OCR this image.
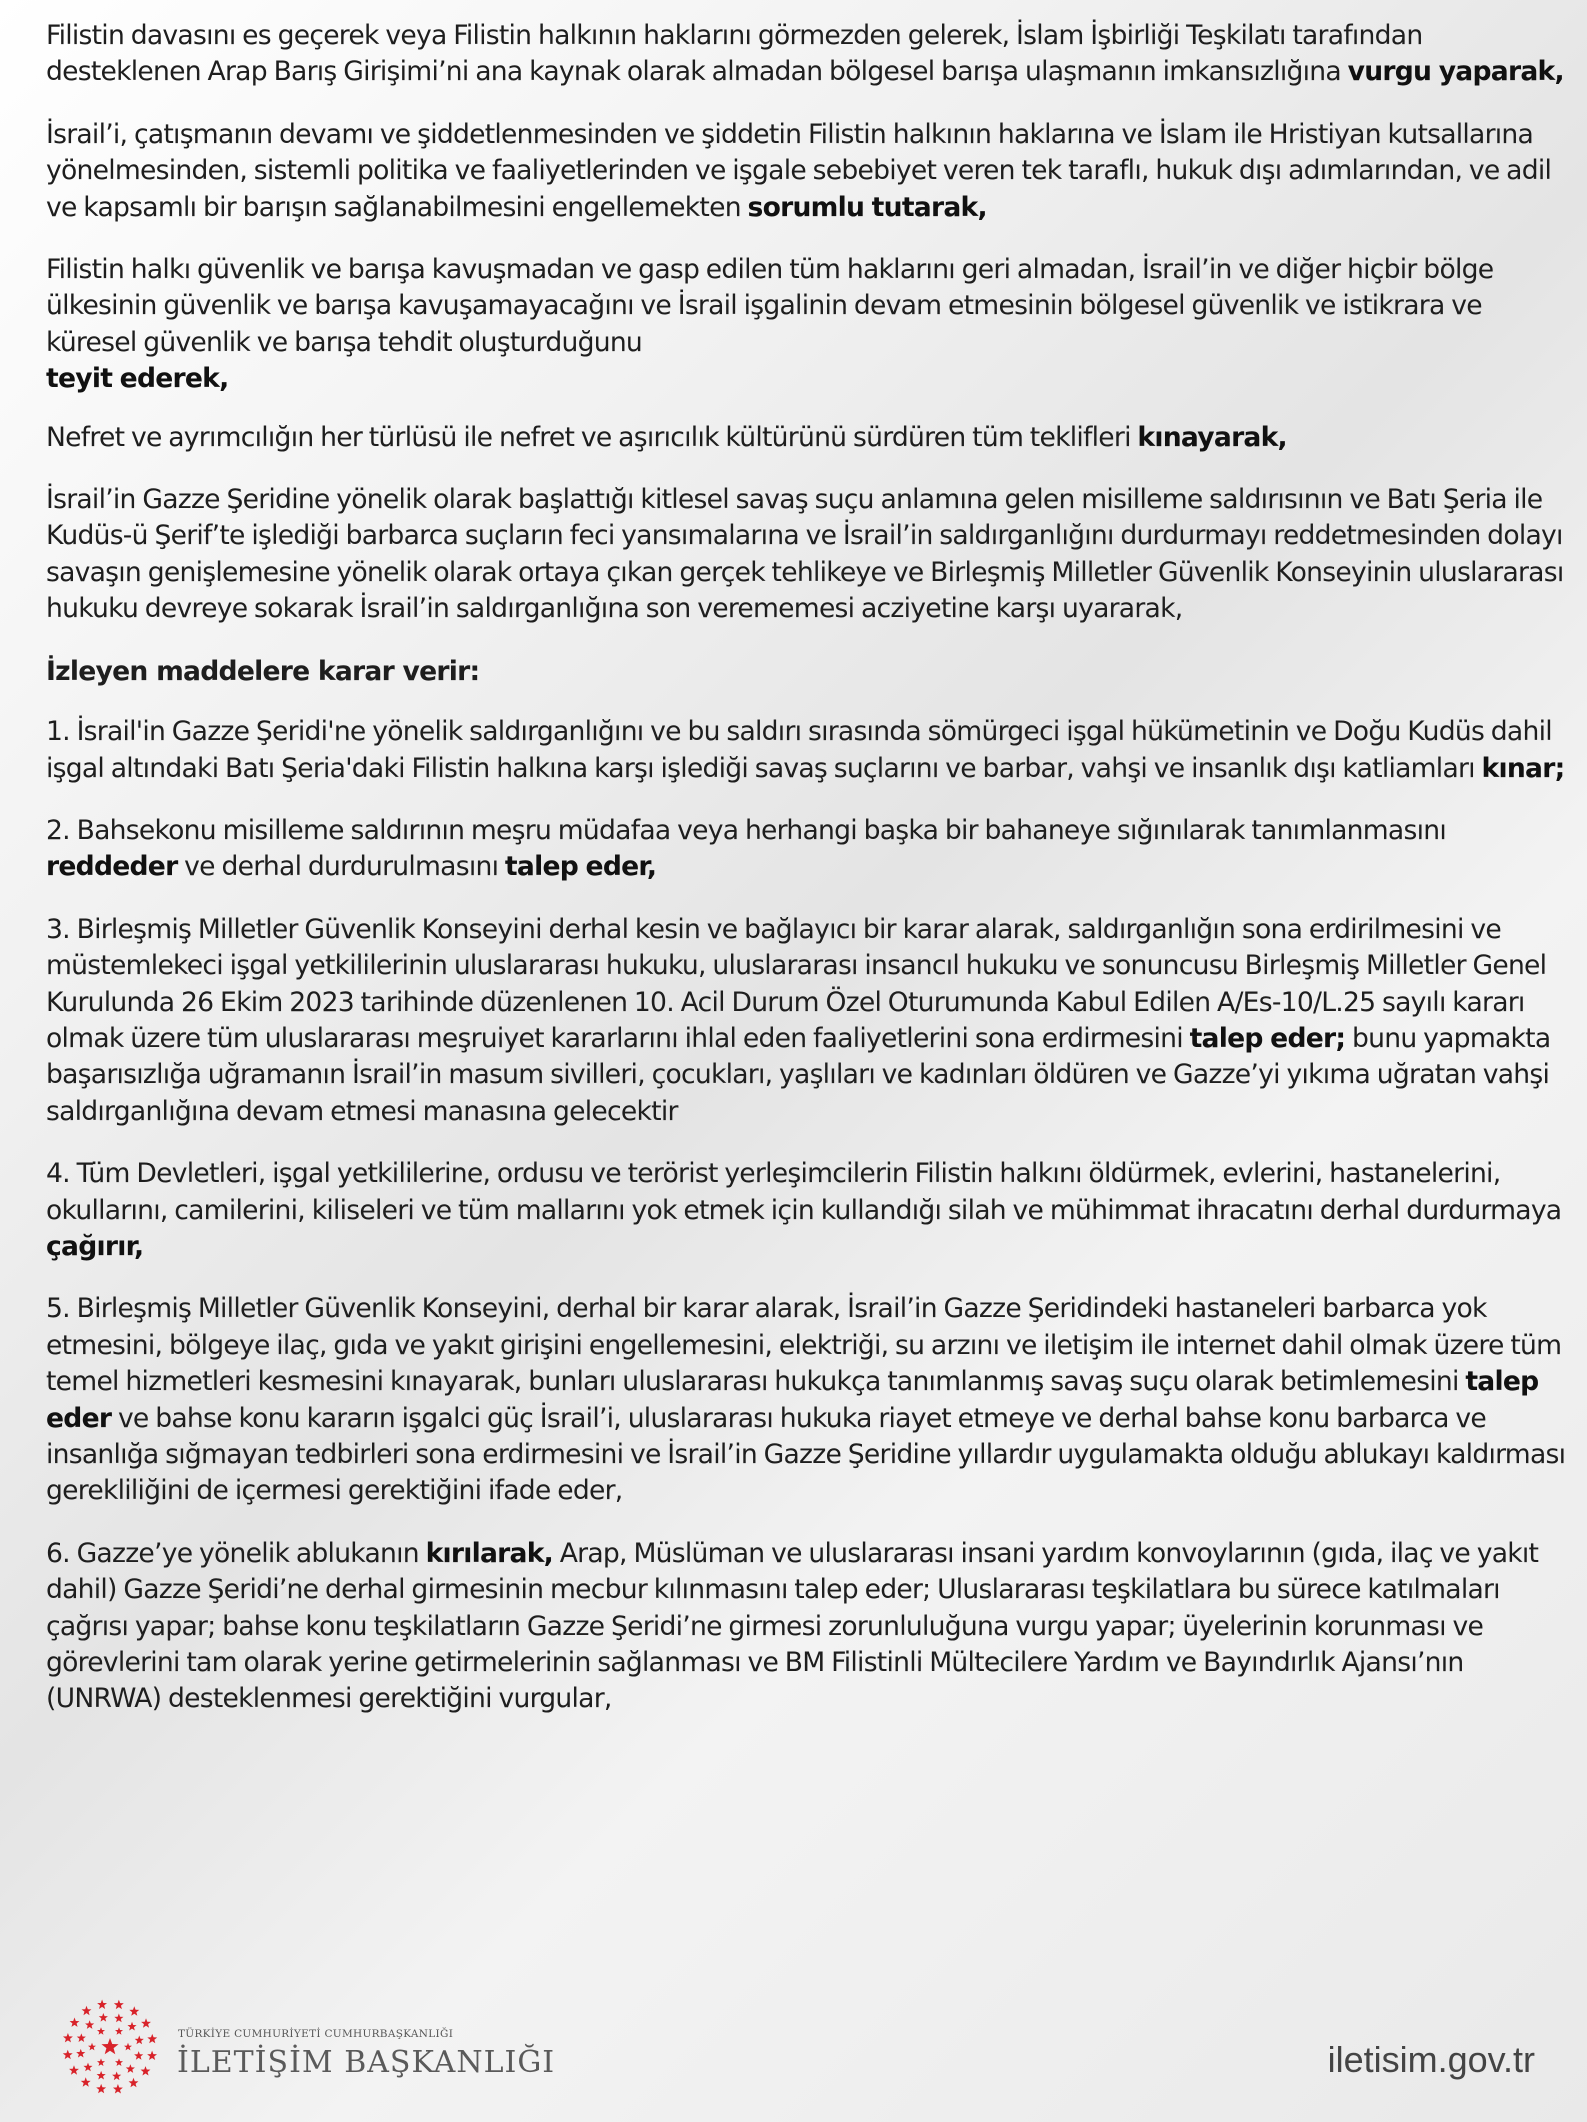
Filistin davasını es geçerek veya Filistin halkının haklarını görmezden gelerek, İslam İşbirliği Teşkilatı tarafından desteklenen Arap Barış Girişimi’ni ana kaynak olarak almadan bölgesel barışa ulaşmanın imkansızlığına vurgu yaparak,

İsrail’i, çatışmanın devamı ve şiddetlenmesinden ve şiddetin Filistin halkının haklarına ve İslam ile Hristiyan kutsallarına yönelmesinden, sistemli politika ve faaliyetlerinden ve işgale sebebiyet veren tek taraflı, hukuk dışı adımlarından, ve adil ve kapsamlı bir barışın sağlanabilmesini engellemekten sorumlu tutarak,

Filistin halkı güvenlik ve barışa kavuşmadan ve gasp edilen tüm haklarını geri almadan, İsrail’in ve diğer hiçbir bölge ülkesinin güvenlik ve barışa kavuşamayacağını ve İsrail işgalinin devam etmesinin bölgesel güvenlik ve istikrara ve küresel güvenlik ve barışa tehdit oluşturduğunu
teyit ederek,

Nefret ve ayrımcılığın her türlüsü ile nefret ve aşırıcılık kültürünü sürdüren tüm teklifleri kınayarak,

İsrail’in Gazze Şeridine yönelik olarak başlattığı kitlesel savaş suçu anlamına gelen misilleme saldırısının ve Batı Şeria ile Kudüs-ü Şerif’te işlediği barbarca suçların feci yansımalarına ve İsrail’in saldırganlığını durdurmayı reddetmesinden dolayı savaşın genişlemesine yönelik olarak ortaya çıkan gerçek tehlikeye ve Birleşmiş Milletler Güvenlik Konseyinin uluslararası hukuku devreye sokarak İsrail’in saldırganlığına son verememesi acziyetine karşı uyararak,

İzleyen maddelere karar verir:

1. İsrail'in Gazze Şeridi'ne yönelik saldırganlığını ve bu saldırı sırasında sömürgeci işgal hükümetinin ve Doğu Kudüs dahil işgal altındaki Batı Şeria'daki Filistin halkına karşı işlediği savaş suçlarını ve barbar, vahşi ve insanlık dışı katliamları kınar;

2. Bahsekonu misilleme saldırının meşru müdafaa veya herhangi başka bir bahaneye sığınılarak tanımlanmasını reddeder ve derhal durdurulmasını talep eder,

3. Birleşmiş Milletler Güvenlik Konseyini derhal kesin ve bağlayıcı bir karar alarak, saldırganlığın sona erdirilmesini ve müstemlekeci işgal yetkililerinin uluslararası hukuku, uluslararası insancıl hukuku ve sonuncusu Birleşmiş Milletler Genel Kurulunda 26 Ekim 2023 tarihinde düzenlenen 10. Acil Durum Özel Oturumunda Kabul Edilen A/Es-10/L.25 sayılı kararı olmak üzere tüm uluslararası meşruiyet kararlarını ihlal eden faaliyetlerini sona erdirmesini talep eder; bunu yapmakta başarısızlığa uğramanın İsrail’in masum sivilleri, çocukları, yaşlıları ve kadınları öldüren ve Gazze’yi yıkıma uğratan vahşi saldırganlığına devam etmesi manasına gelecektir

4. Tüm Devletleri, işgal yetkililerine, ordusu ve terörist yerleşimcilerin Filistin halkını öldürmek, evlerini, hastanelerini, okullarını, camilerini, kiliseleri ve tüm mallarını yok etmek için kullandığı silah ve mühimmat ihracatını derhal durdurmaya çağırır,

5. Birleşmiş Milletler Güvenlik Konseyini, derhal bir karar alarak, İsrail’in Gazze Şeridindeki hastaneleri barbarca yok etmesini, bölgeye ilaç, gıda ve yakıt girişini engellemesini, elektriği, su arzını ve iletişim ile internet dahil olmak üzere tüm temel hizmetleri kesmesini kınayarak, bunları uluslararası hukukça tanımlanmış savaş suçu olarak betimlemesini talep eder ve bahse konu kararın işgalci güç İsrail’i, uluslararası hukuka riayet etmeye ve derhal bahse konu barbarca ve insanlığa sığmayan tedbirleri sona erdirmesini ve İsrail’in Gazze Şeridine yıllardır uygulamakta olduğu ablukayı kaldırması gerekliliğini de içermesi gerektiğini ifade eder,

6. Gazze’ye yönelik ablukanın kırılarak, Arap, Müslüman ve uluslararası insani yardım konvoylarının (gıda, ilaç ve yakıt dahil) Gazze Şeridi’ne derhal girmesinin mecbur kılınmasını talep eder; Uluslararası teşkilatlara bu sürece katılmaları çağrısı yapar; bahse konu teşkilatların Gazze Şeridi’ne girmesi zorunluluğuna vurgu yapar; üyelerinin korunması ve görevlerini tam olarak yerine getirmelerinin sağlanması ve BM Filistinli Mültecilere Yardım ve Bayındırlık Ajansı’nın (UNRWA) desteklenmesi gerektiğini vurgular,

TÜRKİYE CUMHURİYETİ CUMHURBAŞKANLIĞI
İLETİŞİM BAŞKANLIĞI	iletisim.gov.tr
